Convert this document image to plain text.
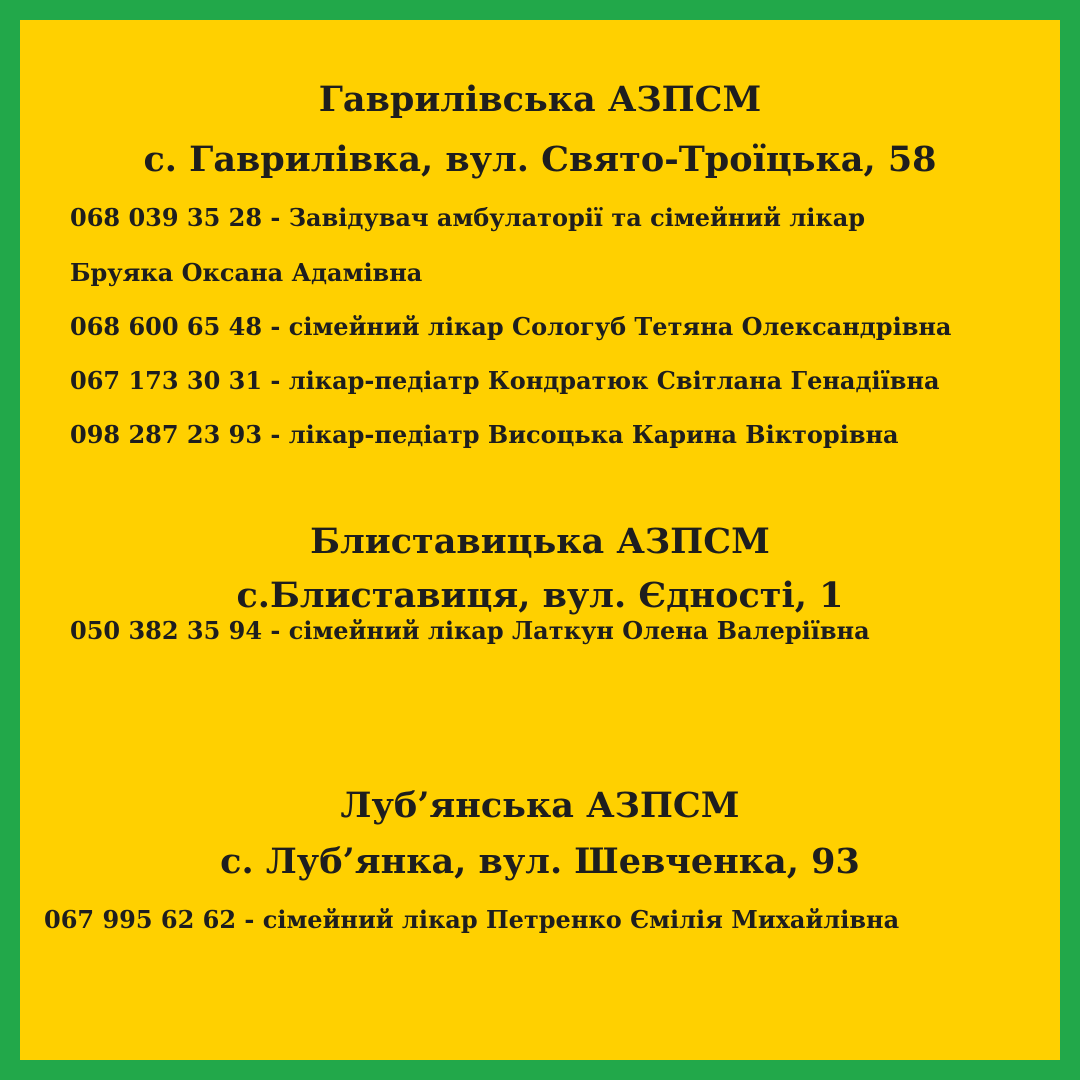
Гаврилівська АЗПСМ
с. Гаврилівка, вул. Свято-Троїцька, 58
068 039 35 28 - Завідувач амбулаторії та сімейний лікар
Бруяка Оксана Адамівна
068 600 65 48 - сімейний лікар Сологуб Тетяна Олександрівна
067 173 30 31 - лікар-педіатр Кондратюк Світлана Генадіївна
098 287 23 93 - лікар-педіатр Висоцька Карина Вікторівна
Блиставицька АЗПСМ
с.Блиставиця, вул. Єдності, 1
050 382 35 94 - сімейний лікар Латкун Олена Валеріївна
Луб’янська АЗПСМ
с. Луб’янка, вул. Шевченка, 93
067 995 62 62 - сімейний лікар Петренко Ємілія Михайлівна
